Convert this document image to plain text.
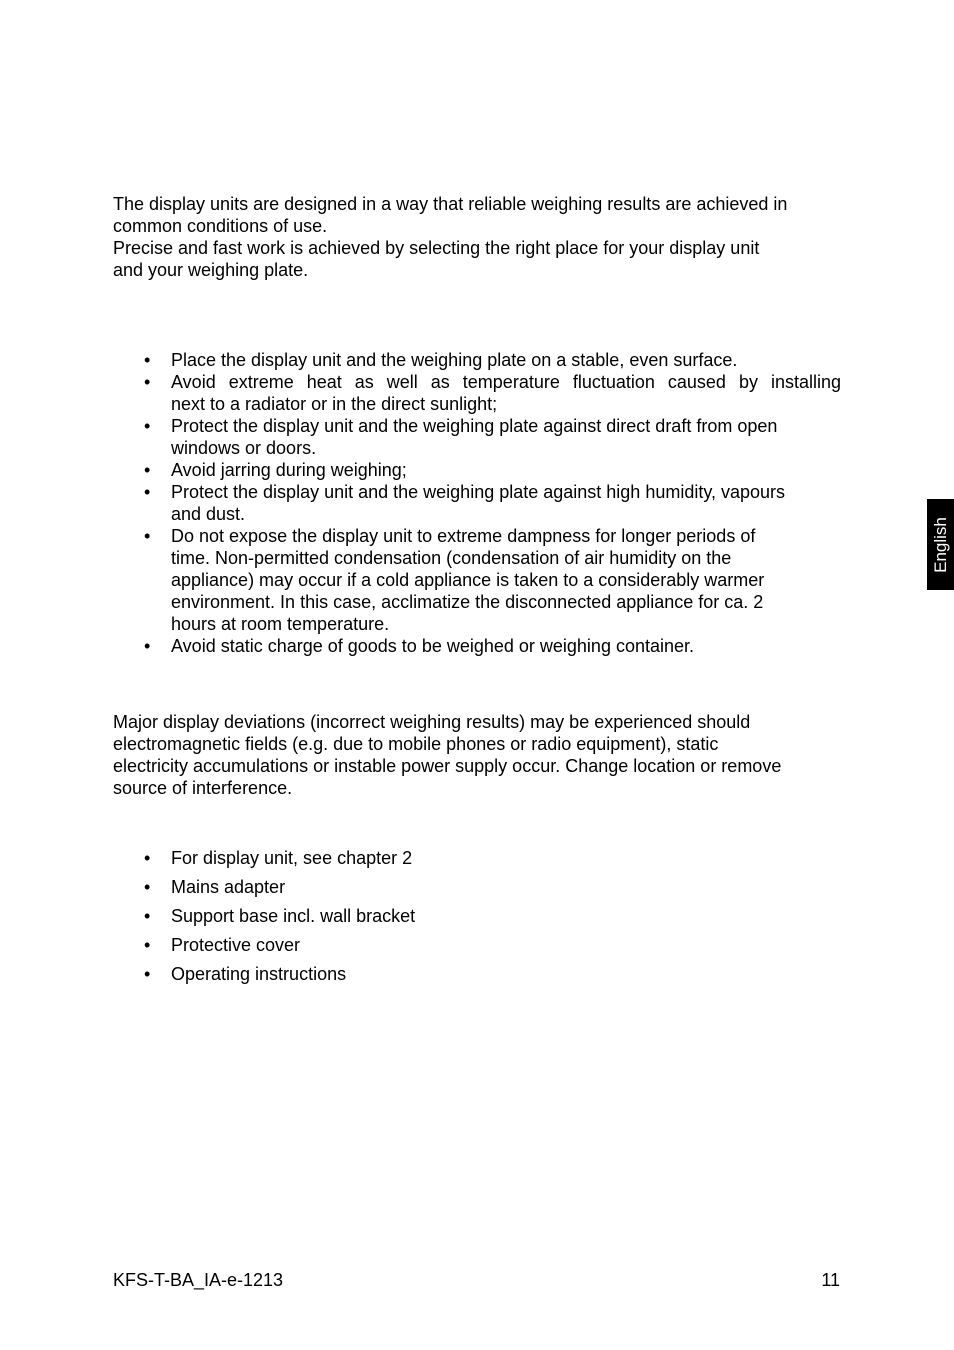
The display units are designed in a way that reliable weighing results are achieved in
common conditions of use.
Precise and fast work is achieved by selecting the right place for your display unit
and your weighing plate.
• Place the display unit and the weighing plate on a stable, even surface.
• Avoid extreme heat as well as temperature fluctuation caused by installing
next to a radiator or in the direct sunlight;
• Protect the display unit and the weighing plate against direct draft from open
windows or doors.
• Avoid jarring during weighing;
• Protect the display unit and the weighing plate against high humidity, vapours
and dust.
• Do not expose the display unit to extreme dampness for longer periods of
time. Non-permitted condensation (condensation of air humidity on the
appliance) may occur if a cold appliance is taken to a considerably warmer
environment. In this case, acclimatize the disconnected appliance for ca. 2
hours at room temperature.
• Avoid static charge of goods to be weighed or weighing container.
Major display deviations (incorrect weighing results) may be experienced should
electromagnetic fields (e.g. due to mobile phones or radio equipment), static
electricity accumulations or instable power supply occur. Change location or remove
source of interference.
• For display unit, see chapter 2
• Mains adapter
• Support base incl. wall bracket
• Protective cover
• Operating instructions
English
KFS-T-BA_IA-e-1213	11
